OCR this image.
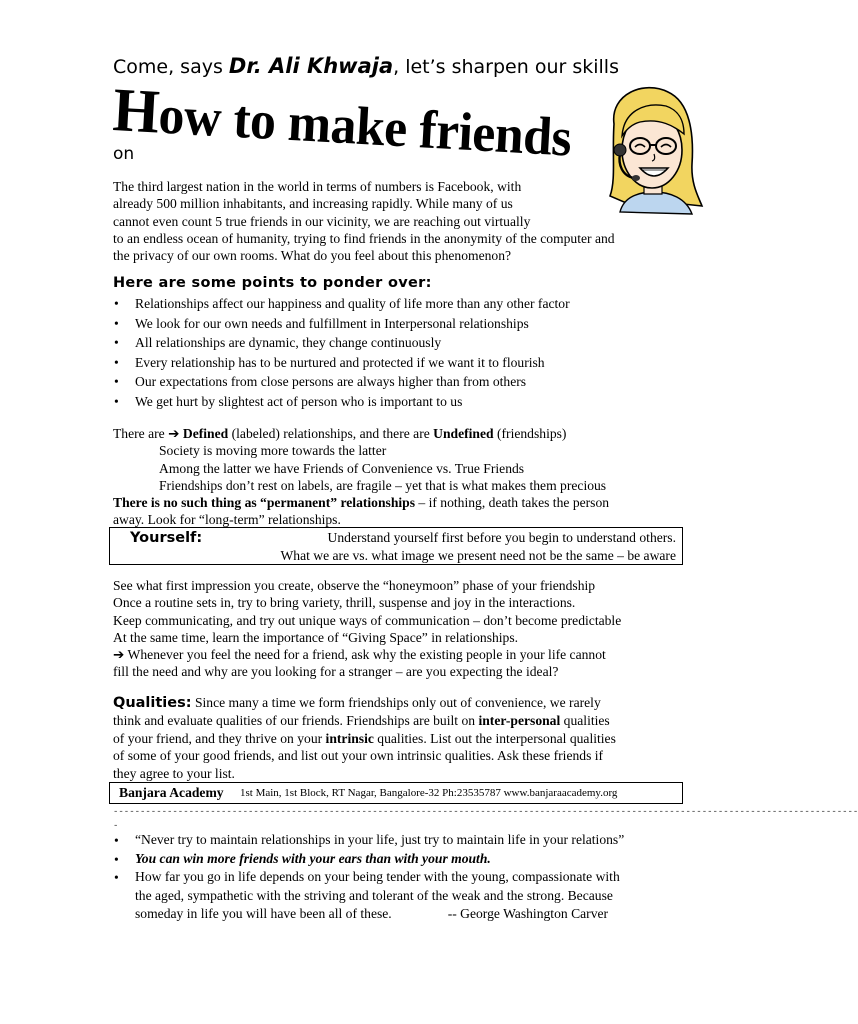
Come, says Dr. Ali Khwaja, let’s sharpen our skills
How to make friends
on
The third largest nation in the world in terms of numbers is Facebook, with
already 500 million inhabitants, and increasing rapidly. While many of us
cannot even count 5 true friends in our vicinity, we are reaching out virtually
to an endless ocean of humanity, trying to find friends in the anonymity of the computer and
the privacy of our own rooms. What do you feel about this phenomenon?
Here are some points to ponder over:
• Relationships affect our happiness and quality of life more than any other factor
• We look for our own needs and fulfillment in Interpersonal relationships
• All relationships are dynamic, they change continuously
• Every relationship has to be nurtured and protected if we want it to flourish
• Our expectations from close persons are always higher than from others
• We get hurt by slightest act of person who is important to us
There are ➔ Defined (labeled) relationships, and there are Undefined (friendships)
Society is moving more towards the latter
Among the latter we have Friends of Convenience vs. True Friends
Friendships don’t rest on labels, are fragile – yet that is what makes them precious
There is no such thing as “permanent” relationships – if nothing, death takes the person
away. Look for “long-term” relationships.
Yourself:	Understand yourself first before you begin to understand others.
What we are vs. what image we present need not be the same – be aware
See what first impression you create, observe the “honeymoon” phase of your friendship
Once a routine sets in, try to bring variety, thrill, suspense and joy in the interactions.
Keep communicating, and try out unique ways of communication – don’t become predictable
At the same time, learn the importance of “Giving Space” in relationships.
➔ Whenever you feel the need for a friend, ask why the existing people in your life cannot
fill the need and why are you looking for a stranger – are you expecting the ideal?
Qualities: Since many a time we form friendships only out of convenience, we rarely
think and evaluate qualities of our friends. Friendships are built on inter-personal qualities
of your friend, and they thrive on your intrinsic qualities. List out the interpersonal qualities
of some of your good friends, and list out your own intrinsic qualities. Ask these friends if
they agree to your list.
Banjara Academy 1st Main, 1st Block, RT Nagar, Bangalore-32 Ph:23535787 www.banjaraacademy.org
------------------------------------------------------------------------------------------------------------------------------------------
-
• “Never try to maintain relationships in your life, just try to maintain life in your relations”
• You can win more friends with your ears than with your mouth.
• How far you go in life depends on your being tender with the young, compassionate with
the aged, sympathetic with the striving and tolerant of the weak and the strong. Because
someday in life you will have been all of these.	-- George Washington Carver
